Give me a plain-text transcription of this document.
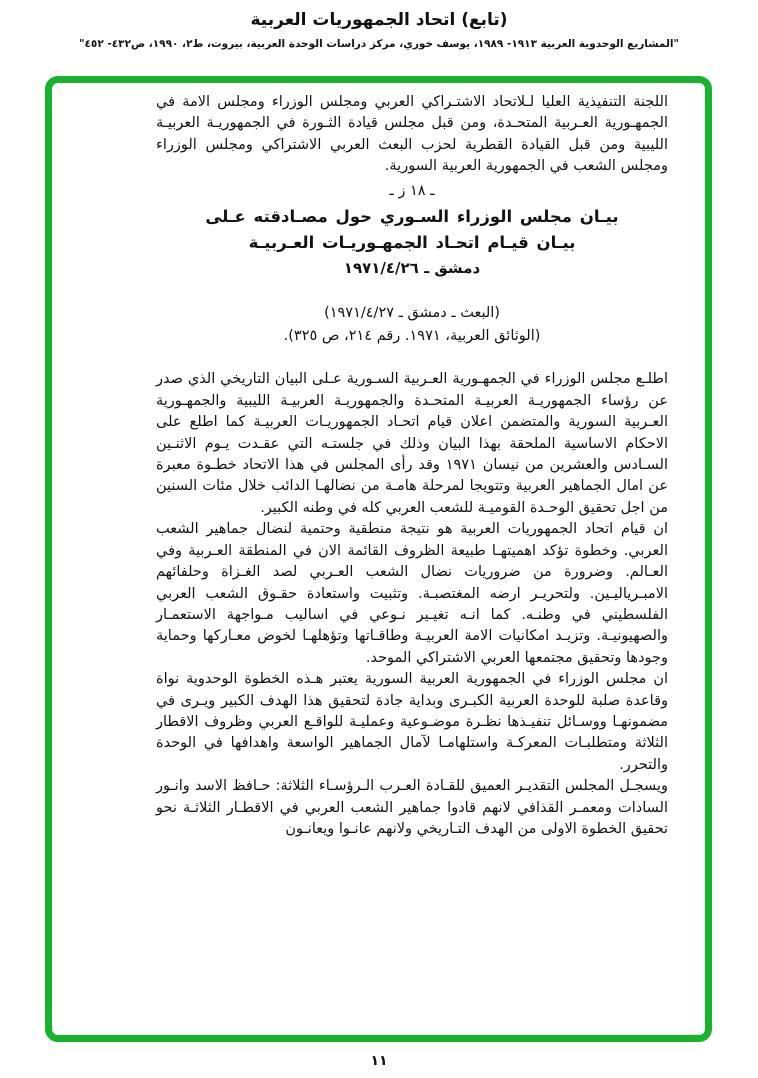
(تابع) اتحاد الجمهوريات العربية
"المشاريع الوحدوية العربية ١٩١٣- ١٩٨٩، يوسف خوري، مركز دراسات الوحدة العربية، بيروت، ط٢، ١٩٩٠، ص٤٣٢- ٤٥٢"

اللجنة التنفيذية العليا لـلاتحاد الاشتـراكي العربي ومجلس الوزراء ومجلس الامة في الجمهـورية العـربية المتحـدة، ومن قبل مجلس قيادة الثـورة في الجمهوريـة العربيـة الليبية ومن قبل القيادة القطرية لحزب البعث العربي الاشتراكي ومجلس الوزراء ومجلس الشعب في الجمهورية العربية السورية.

ـ ١٨ ز ـ
بيـان مجلس الوزراء السـوري حول مصـادقته عـلى
بيـان قيـام اتحـاد الجمهـوريـات العـربيـة
دمشق ـ ١٩٧١/٤/٢٦
(البعث ـ دمشق ـ ١٩٧١/٤/٢٧)
(الوثائق العربية، ١٩٧١. رقم ٢١٤، ص ٣٢٥).

اطلـع مجلس الوزراء في الجمهـورية العـربية السـورية عـلى البيان التاريخي الذي صدر عن رؤساء الجمهوريـة العربيـة المتحـدة والجمهوريـة العربيـة الليبية والجمهـورية العـربية السورية والمتضمن اعلان قيام اتحـاد الجمهوريـات العربيـة كما اطلع على الاحكام الاساسية الملحقة بهذا البيان وذلك في جلستـه التي عقـدت يـوم الاثنـين السـادس والعشرين من نيسان ١٩٧١ وقد رأى المجلس في هذا الاتحاد خطـوة معبرة عن امال الجماهير العربية وتتويجا لمرحلة هامـة من نضالهـا الدائب خلال مئات السنين من اجل تحقيق الوحـدة القوميـة للشعب العربي كله في وطنه الكبير.

ان قيام اتحاد الجمهوريات العربية هو نتيجة منطقية وحتمية لنضال جماهير الشعب العربي. وخطوة تؤكد اهميتهـا طبيعة الظروف القائمة الان في المنطقة العـربية وفي العـالم. وضرورة من ضروريات نضال الشعب العـربي لصد الغـزاة وحلفائهم الامبـرياليـين. ولتحريـر ارضه المغتصبـة. وتثبيت واستعادة حقـوق الشعب العربي الفلسطيني في وطنـه. كما انـه تغيـير نـوعي في اساليب مـواجهة الاستعمـار والصهيونيـة. وتزيـد امكانيات الامة العربيـة وطاقـاتها وتؤهلهـا لخوض معـاركها وحماية وجودها وتحقيق مجتمعها العربي الاشتراكي الموحد.

ان مجلس الوزراء في الجمهورية العربية السورية يعتبر هـذه الخطوة الوحدوية نواة وقاعدة صلبة للوحدة العربية الكبـرى وبداية جادة لتحقيق هذا الهدف الكبير ويـرى في مضمونهـا ووسـائل تنفيـذها نظـرة موضـوعية وعمليـة للواقـع العربي وظروف الاقطار الثلاثة ومتطلبـات المعركـة واستلهامـا لآمال الجماهير الواسعة واهدافها في الوحدة والتحرر.

ويسجـل المجلس التقديـر العميق للقـادة العـرب الـرؤسـاء الثلاثة: حـافظ الاسد وانـور السادات ومعمـر القذافي لانهم قادوا جماهير الشعب العربي في الاقطـار الثلاثـة نحو تحقيق الخطوة الاولى من الهدف التـاريخي ولانهم عانـوا ويعانـون

١١
